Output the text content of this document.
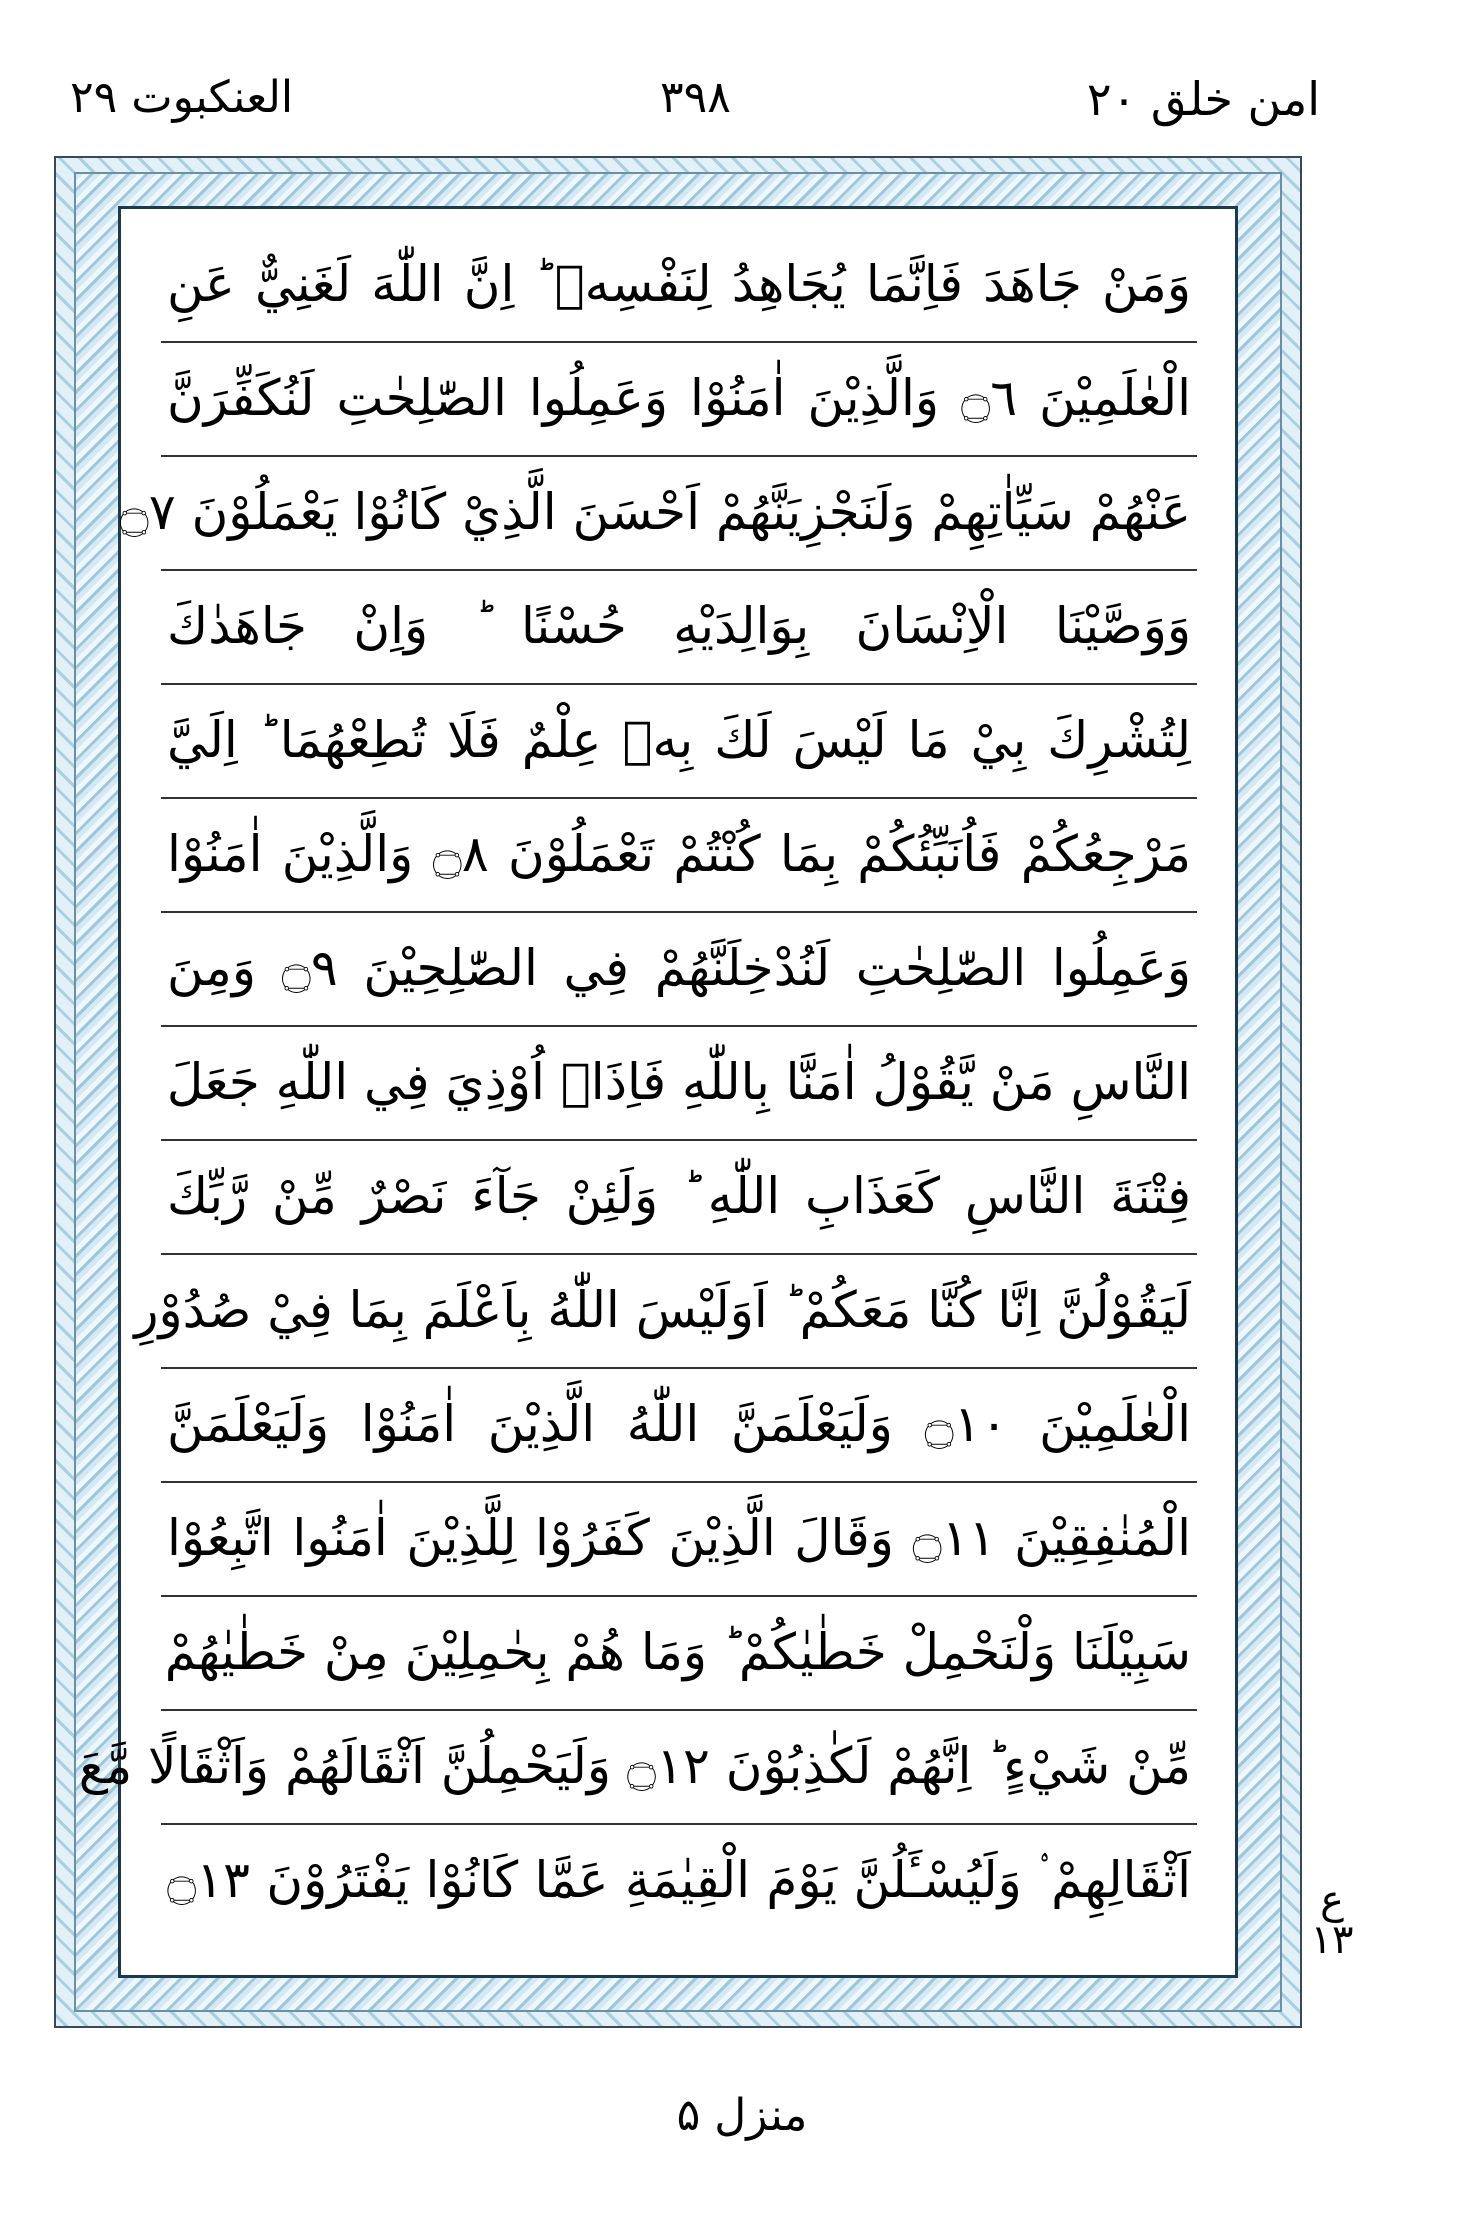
العنکبوت ۲۹	۳۹۸	امن خلق ۲۰
وَمَنْ جَاهَدَ فَاِنَّمَا يُجَاهِدُ لِنَفْسِهٖ ؕ اِنَّ اللّٰهَ لَغَنِيٌّ عَنِ
الْعٰلَمِيْنَ ۝٦ وَالَّذِيْنَ اٰمَنُوْا وَعَمِلُوا الصّٰلِحٰتِ لَنُكَفِّرَنَّ
عَنْهُمْ سَيِّاٰتِهِمْ وَلَنَجْزِيَنَّهُمْ اَحْسَنَ الَّذِيْ كَانُوْا يَعْمَلُوْنَ ۝٧
وَوَصَّيْنَا الْاِنْسَانَ بِوَالِدَيْهِ حُسْنًا ؕ وَاِنْ جَاهَدٰكَ
لِتُشْرِكَ بِيْ مَا لَيْسَ لَكَ بِهٖ عِلْمٌ فَلَا تُطِعْهُمَا ؕ اِلَيَّ
مَرْجِعُكُمْ فَاُنَبِّئُكُمْ بِمَا كُنْتُمْ تَعْمَلُوْنَ ۝٨ وَالَّذِيْنَ اٰمَنُوْا
وَعَمِلُوا الصّٰلِحٰتِ لَنُدْخِلَنَّهُمْ فِي الصّٰلِحِيْنَ ۝٩ وَمِنَ
النَّاسِ مَنْ يَّقُوْلُ اٰمَنَّا بِاللّٰهِ فَاِذَاۤ اُوْذِيَ فِي اللّٰهِ جَعَلَ
فِتْنَةَ النَّاسِ كَعَذَابِ اللّٰهِ ؕ وَلَئِنْ جَآءَ نَصْرٌ مِّنْ رَّبِّكَ
لَيَقُوْلُنَّ اِنَّا كُنَّا مَعَكُمْ ؕ اَوَلَيْسَ اللّٰهُ بِاَعْلَمَ بِمَا فِيْ صُدُوْرِ
الْعٰلَمِيْنَ ۝١٠ وَلَيَعْلَمَنَّ اللّٰهُ الَّذِيْنَ اٰمَنُوْا وَلَيَعْلَمَنَّ
الْمُنٰفِقِيْنَ ۝١١ وَقَالَ الَّذِيْنَ كَفَرُوْا لِلَّذِيْنَ اٰمَنُوا اتَّبِعُوْا
سَبِيْلَنَا وَلْنَحْمِلْ خَطٰيٰكُمْ ؕ وَمَا هُمْ بِحٰمِلِيْنَ مِنْ خَطٰيٰهُمْ
مِّنْ شَيْءٍ ؕ اِنَّهُمْ لَكٰذِبُوْنَ ۝١٢ وَلَيَحْمِلُنَّ اَثْقَالَهُمْ وَاَثْقَالًا مَّعَ
اَثْقَالِهِمْ ۟ وَلَيُسْـَٔلُنَّ يَوْمَ الْقِيٰمَةِ عَمَّا كَانُوْا يَفْتَرُوْنَ ۝١٣	ع ۱۳
منزل ۵
